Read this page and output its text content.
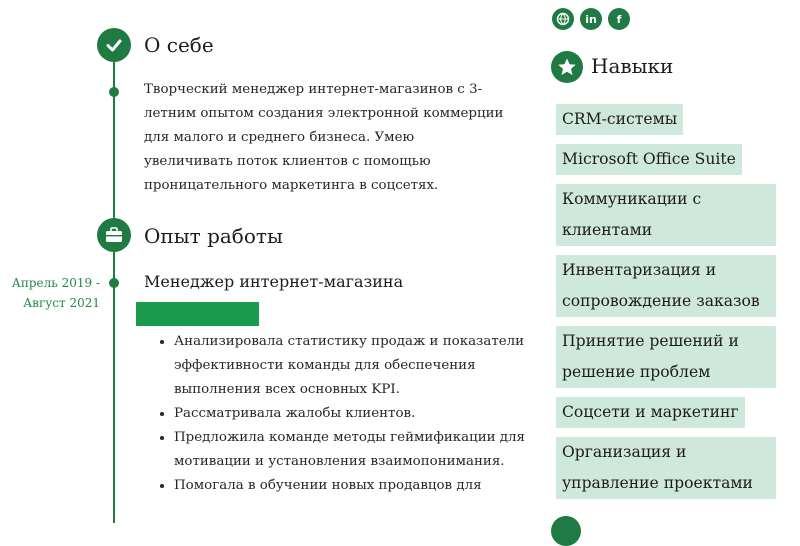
О себе

Творческий менеджер интернет-магазинов с 3-летним опытом создания электронной коммерции для малого и среднего бизнеса. Умею увеличивать поток клиентов с помощью проницательного маркетинга в соцсетях.

Опыт работы
Апрель 2019 - Август 2021
Менеджер интернет-магазина
• Анализировала статистику продаж и показатели эффективности команды для обеспечения выполнения всех основных KPI.
• Рассматривала жалобы клиентов.
• Предложила команде методы геймификации для мотивации и установления взаимопонимания.
• Помогала в обучении новых продавцов для
in f
Навыки
CRM-системы
Microsoft Office Suite
Коммуникации с клиентами
Инвентаризация и сопровождение заказов
Принятие решений и решение проблем
Соцсети и маркетинг
Организация и управление проектами
